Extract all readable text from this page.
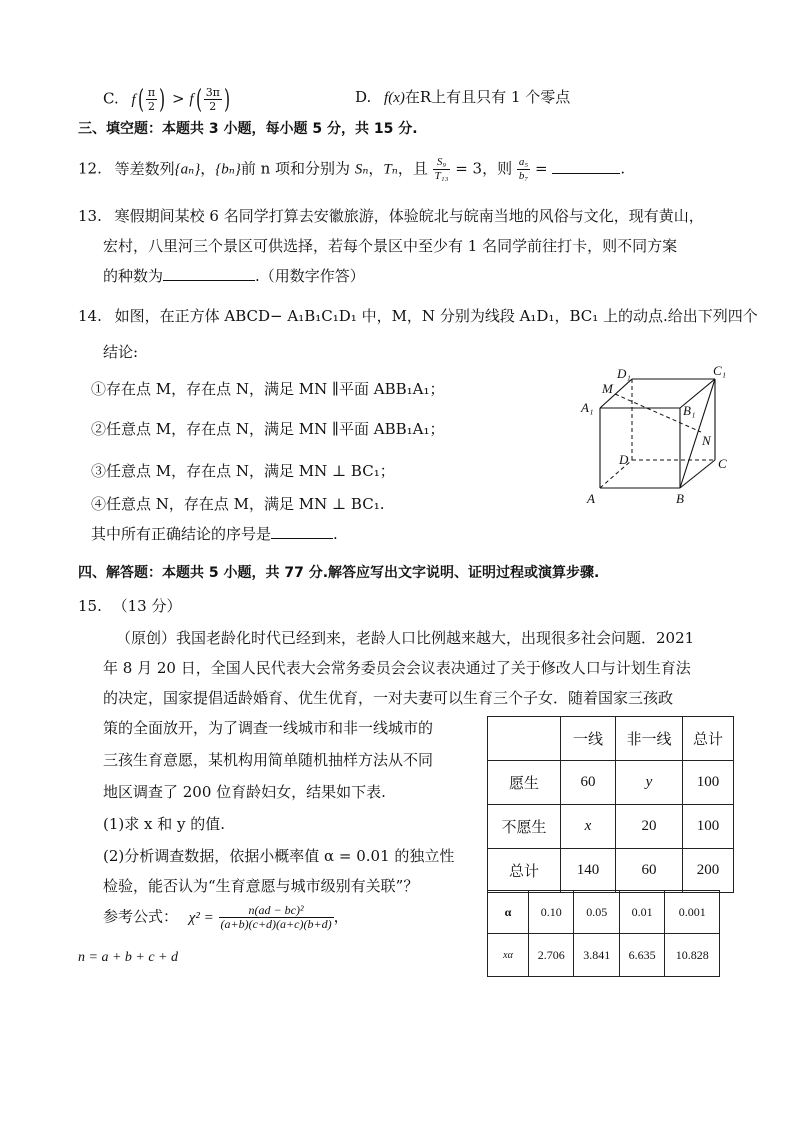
C. $f( \frac{\pi}{2}$ ) > $f( \frac{3\pi}{2}$ )	D. f(x)在R上有且只有 1 个零点
三、填空题：本题共 3 小题，每小题 5 分，共 15 分.
12. 等差数列{aₙ}，{bₙ}前 n 项和分别为 Sₙ，Tₙ，且 $\frac{\text{S₉}}{\text{T₁₃}} = 3$，则 $\frac{\text{a₅}}{\text{b₇}}$ =	.
13. 寒假期间某校 6 名同学打算去安徽旅游，体验皖北与皖南当地的风俗与文化，现有黄山，
宏村，八里河三个景区可供选择，若每个景区中至少有 1 名同学前往打卡，则不同方案
的种数为	.（用数字作答）
14. 如图，在正方体 ABCD− A₁B₁C₁D₁ 中，M，N 分别为线段 A₁D₁，BC₁ 上的动点.给出下列四个
结论:
①存在点 M，存在点 N，满足 MN ∥平面 ABB₁A₁；
②任意点 M，存在点 N，满足 MN ∥平面 ABB₁A₁；
③任意点 M，存在点 N，满足 MN ⊥ BC₁；
④任意点 N，存在点 M，满足 MN ⊥ BC₁.
其中所有正确结论的序号是	.
D₁	C₁
M
A₁	B₁
N
D	C
A	B
四、解答题：本题共 5 小题，共 77 分.解答应写出文字说明、证明过程或演算步骤.
15. （13 分）
（原创）我国老龄化时代已经到来，老龄人口比例越来越大，出现很多社会问题．2021
年 8 月 20 日，全国人民代表大会常务委员会会议表决通过了关于修改人口与计划生育法
的决定，国家提倡适龄婚育、优生优育，一对夫妻可以生育三个子女．随着国家三孩政
策的全面放开，为了调查一线城市和非一线城市的
三孩生育意愿，某机构用简单随机抽样方法从不同
地区调查了 200 位育龄妇女，结果如下表.
(1)求 x 和 y 的值.
(2)分析调查数据，依据小概率值 α = 0.01 的独立性
检验，能否认为“生育意愿与城市级别有关联”？
参考公式： $\chi^2 = \frac{\text{n(ad − bc)²}}{(a+b)(c+d)(a+c)(b+d)}$ ，
n = a + b + c + d
	一线	非一线	总计
愿生	60	y	100
不愿生	x	20	100
总计	140	60	200
α	0.10	0.05	0.01	0.001
xα	2.706	3.841	6.635	10.828
